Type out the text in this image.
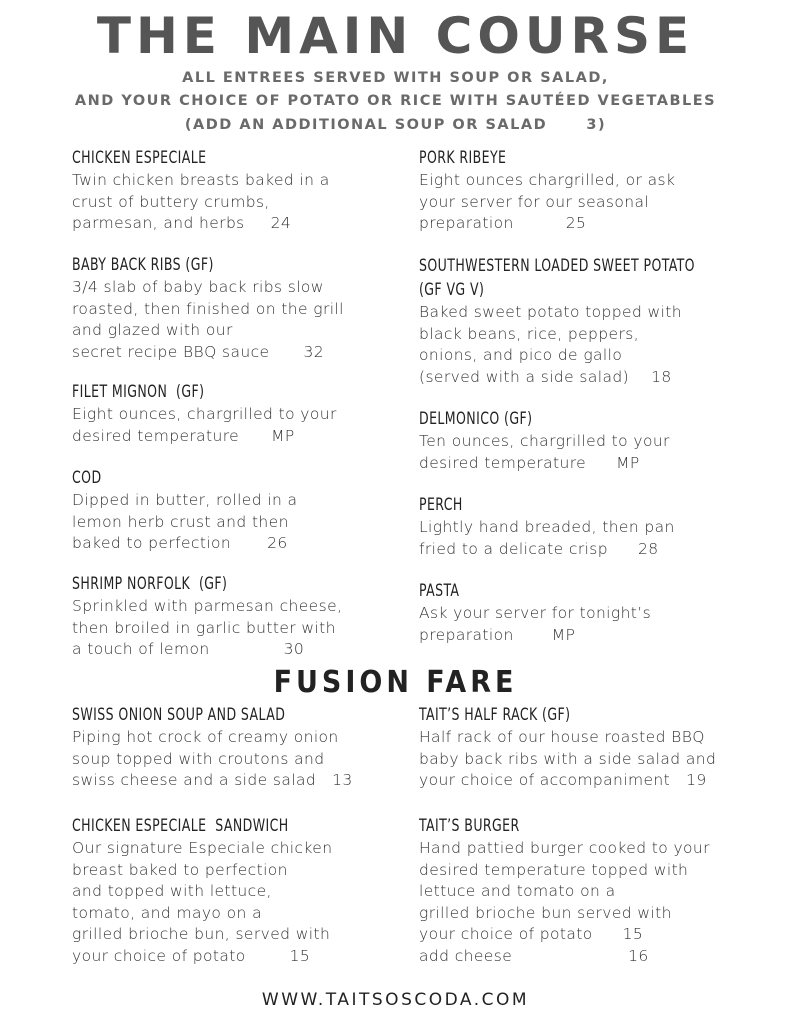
THE MAIN COURSE
ALL ENTREES SERVED WITH SOUP OR SALAD,
AND YOUR CHOICE OF POTATO OR RICE WITH SAUTÉED VEGETABLES
(ADD AN ADDITIONAL SOUP OR SALAD      3)
CHICKEN ESPECIALE
Twin chicken breasts baked in a
crust of buttery crumbs,
parmesan, and herbs 24
BABY BACK RIBS (GF)
3/4 slab of baby back ribs slow
roasted, then finished on the grill
and glazed with our
secret recipe BBQ sauce 32
FILET MIGNON  (GF)
Eight ounces, chargrilled to your
desired temperature MP
COD
Dipped in butter, rolled in a
lemon herb crust and then
baked to perfection 26
SHRIMP NORFOLK  (GF)
Sprinkled with parmesan cheese,
then broiled in garlic butter with
a touch of lemon	30
PORK RIBEYE
Eight ounces chargrilled, or ask
your server for our seasonal
preparation	25
SOUTHWESTERN LOADED SWEET POTATO
(GF VG V)
Baked sweet potato topped with
black beans, rice, peppers,
onions, and pico de gallo
(served with a side salad) 18
DELMONICO (GF)
Ten ounces, chargrilled to your
desired temperature MP
PERCH
Lightly hand breaded, then pan
fried to a delicate crisp 28
PASTA
Ask your server for tonight’s
preparation MP
FUSION FARE
SWISS ONION SOUP AND SALAD
Piping hot crock of creamy onion
soup topped with croutons and
swiss cheese and a side salad 13
CHICKEN ESPECIALE  SANDWICH
Our signature Especiale chicken
breast baked to perfection
and topped with lettuce,
tomato, and mayo on a
grilled brioche bun, served with
your choice of potato	15
TAIT’S HALF RACK (GF)
Half rack of our house roasted BBQ
baby back ribs with a side salad and
your choice of accompaniment 19
TAIT’S BURGER
Hand pattied burger cooked to your
desired temperature topped with
lettuce and tomato on a
grilled brioche bun served with
your choice of potato 15
add cheese	16
WWW.TAITSOSCODA.COM
